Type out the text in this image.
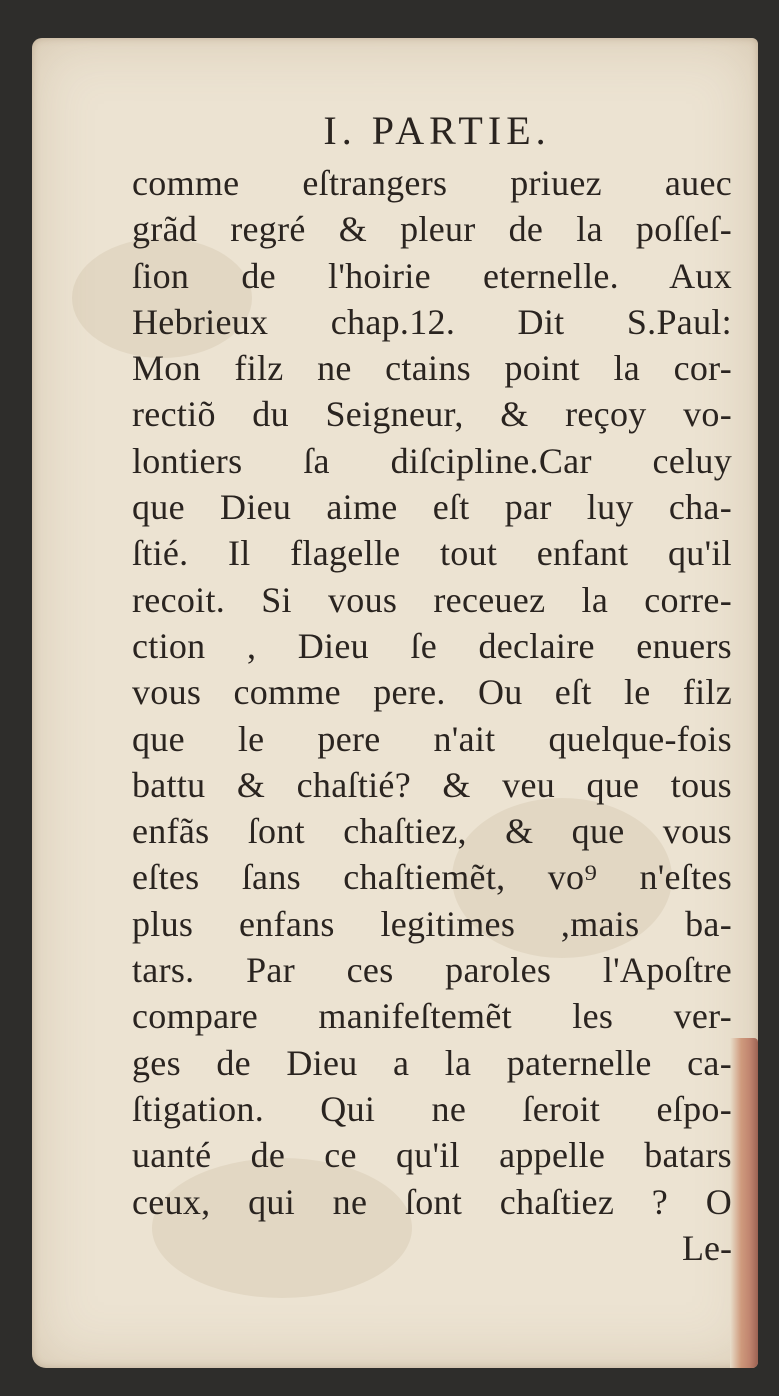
I. PARTIE.
comme eſtrangers priuez auec
grãd regré & pleur de la poſſeſ-
ſion de l'hoirie eternelle. Aux
Hebrieux chap.12. Dit S.Paul:
Mon filz ne ctains point la cor-
rectiõ du Seigneur, & reçoy vo-
lontiers ſa diſcipline.Car celuy
que Dieu aime eſt par luy cha-
ſtié. Il flagelle tout enfant qu'il
recoit. Si vous receuez la corre-
ction , Dieu ſe declaire enuers
vous comme pere. Ou eſt le filz
que le pere n'ait quelque-fois
battu & chaſtié? & veu que tous
enfãs ſont chaſtiez, & que vous
eſtes ſans chaſtiemẽt, vo⁹ n'eſtes
plus enfans legitimes ,mais ba-
tars. Par ces paroles l'Apoſtre
compare manifeſtemẽt les ver-
ges de Dieu a la paternelle ca-
ſtigation. Qui ne ſeroit eſpo-
uanté de ce qu'il appelle batars
ceux, qui ne ſont chaſtiez ? O
Le-
